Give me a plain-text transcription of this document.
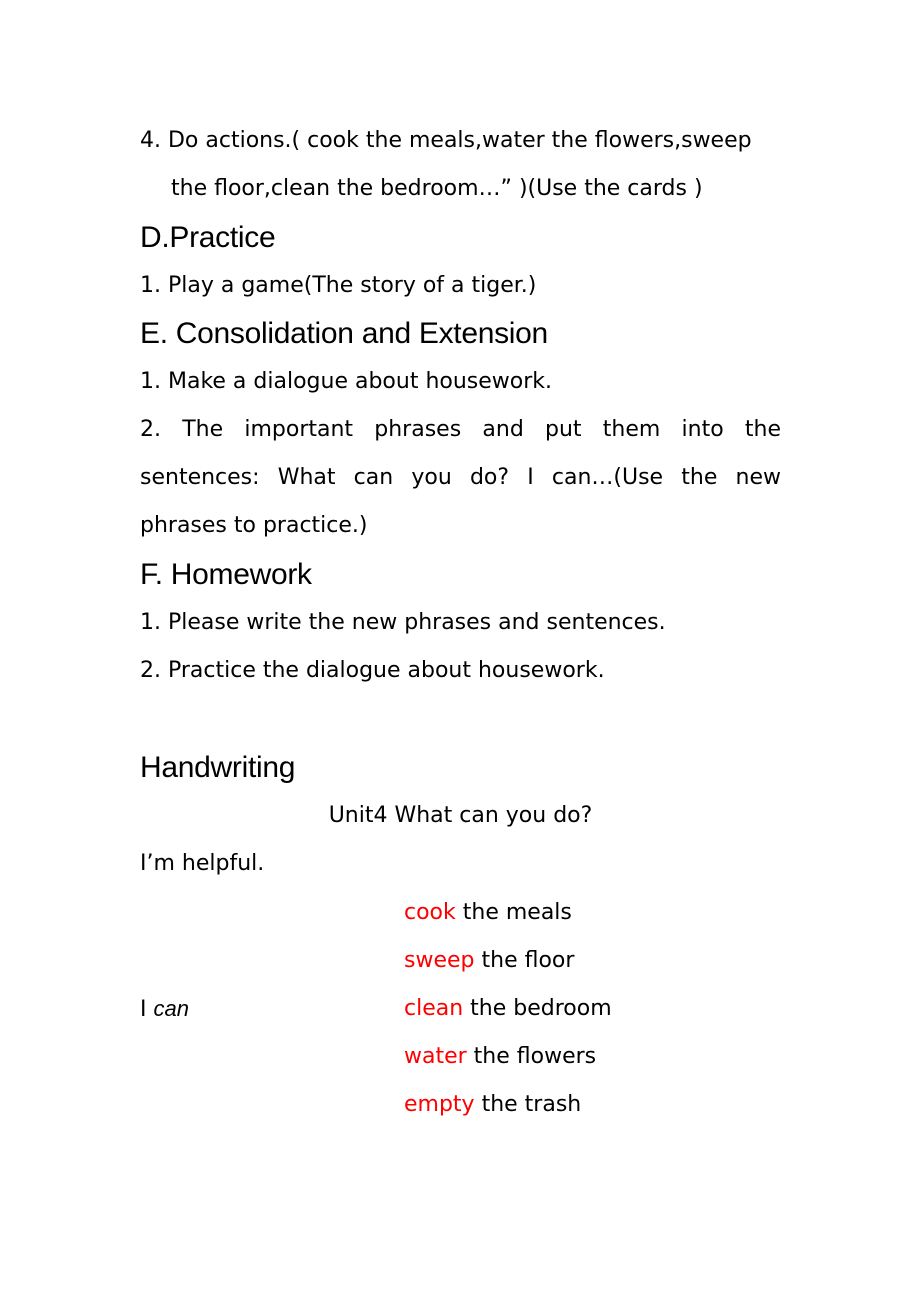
4. Do actions.( cook the meals,water the flowers,sweep
the floor,clean the bedroom…” )(Use the cards )
D.Practice
1. Play a game(The story of a tiger.)
E. Consolidation and Extension
1. Make a dialogue about housework.
2. The important phrases and put them into the
sentences: What can you do? I can…(Use the new
phrases to practice.)
F. Homework
1. Please write the new phrases and sentences.
2. Practice the dialogue about housework.
Handwriting
Unit4 What can you do?
I’m helpful.
I can
cook the meals
sweep the floor
clean the bedroom
water the flowers
empty the trash
